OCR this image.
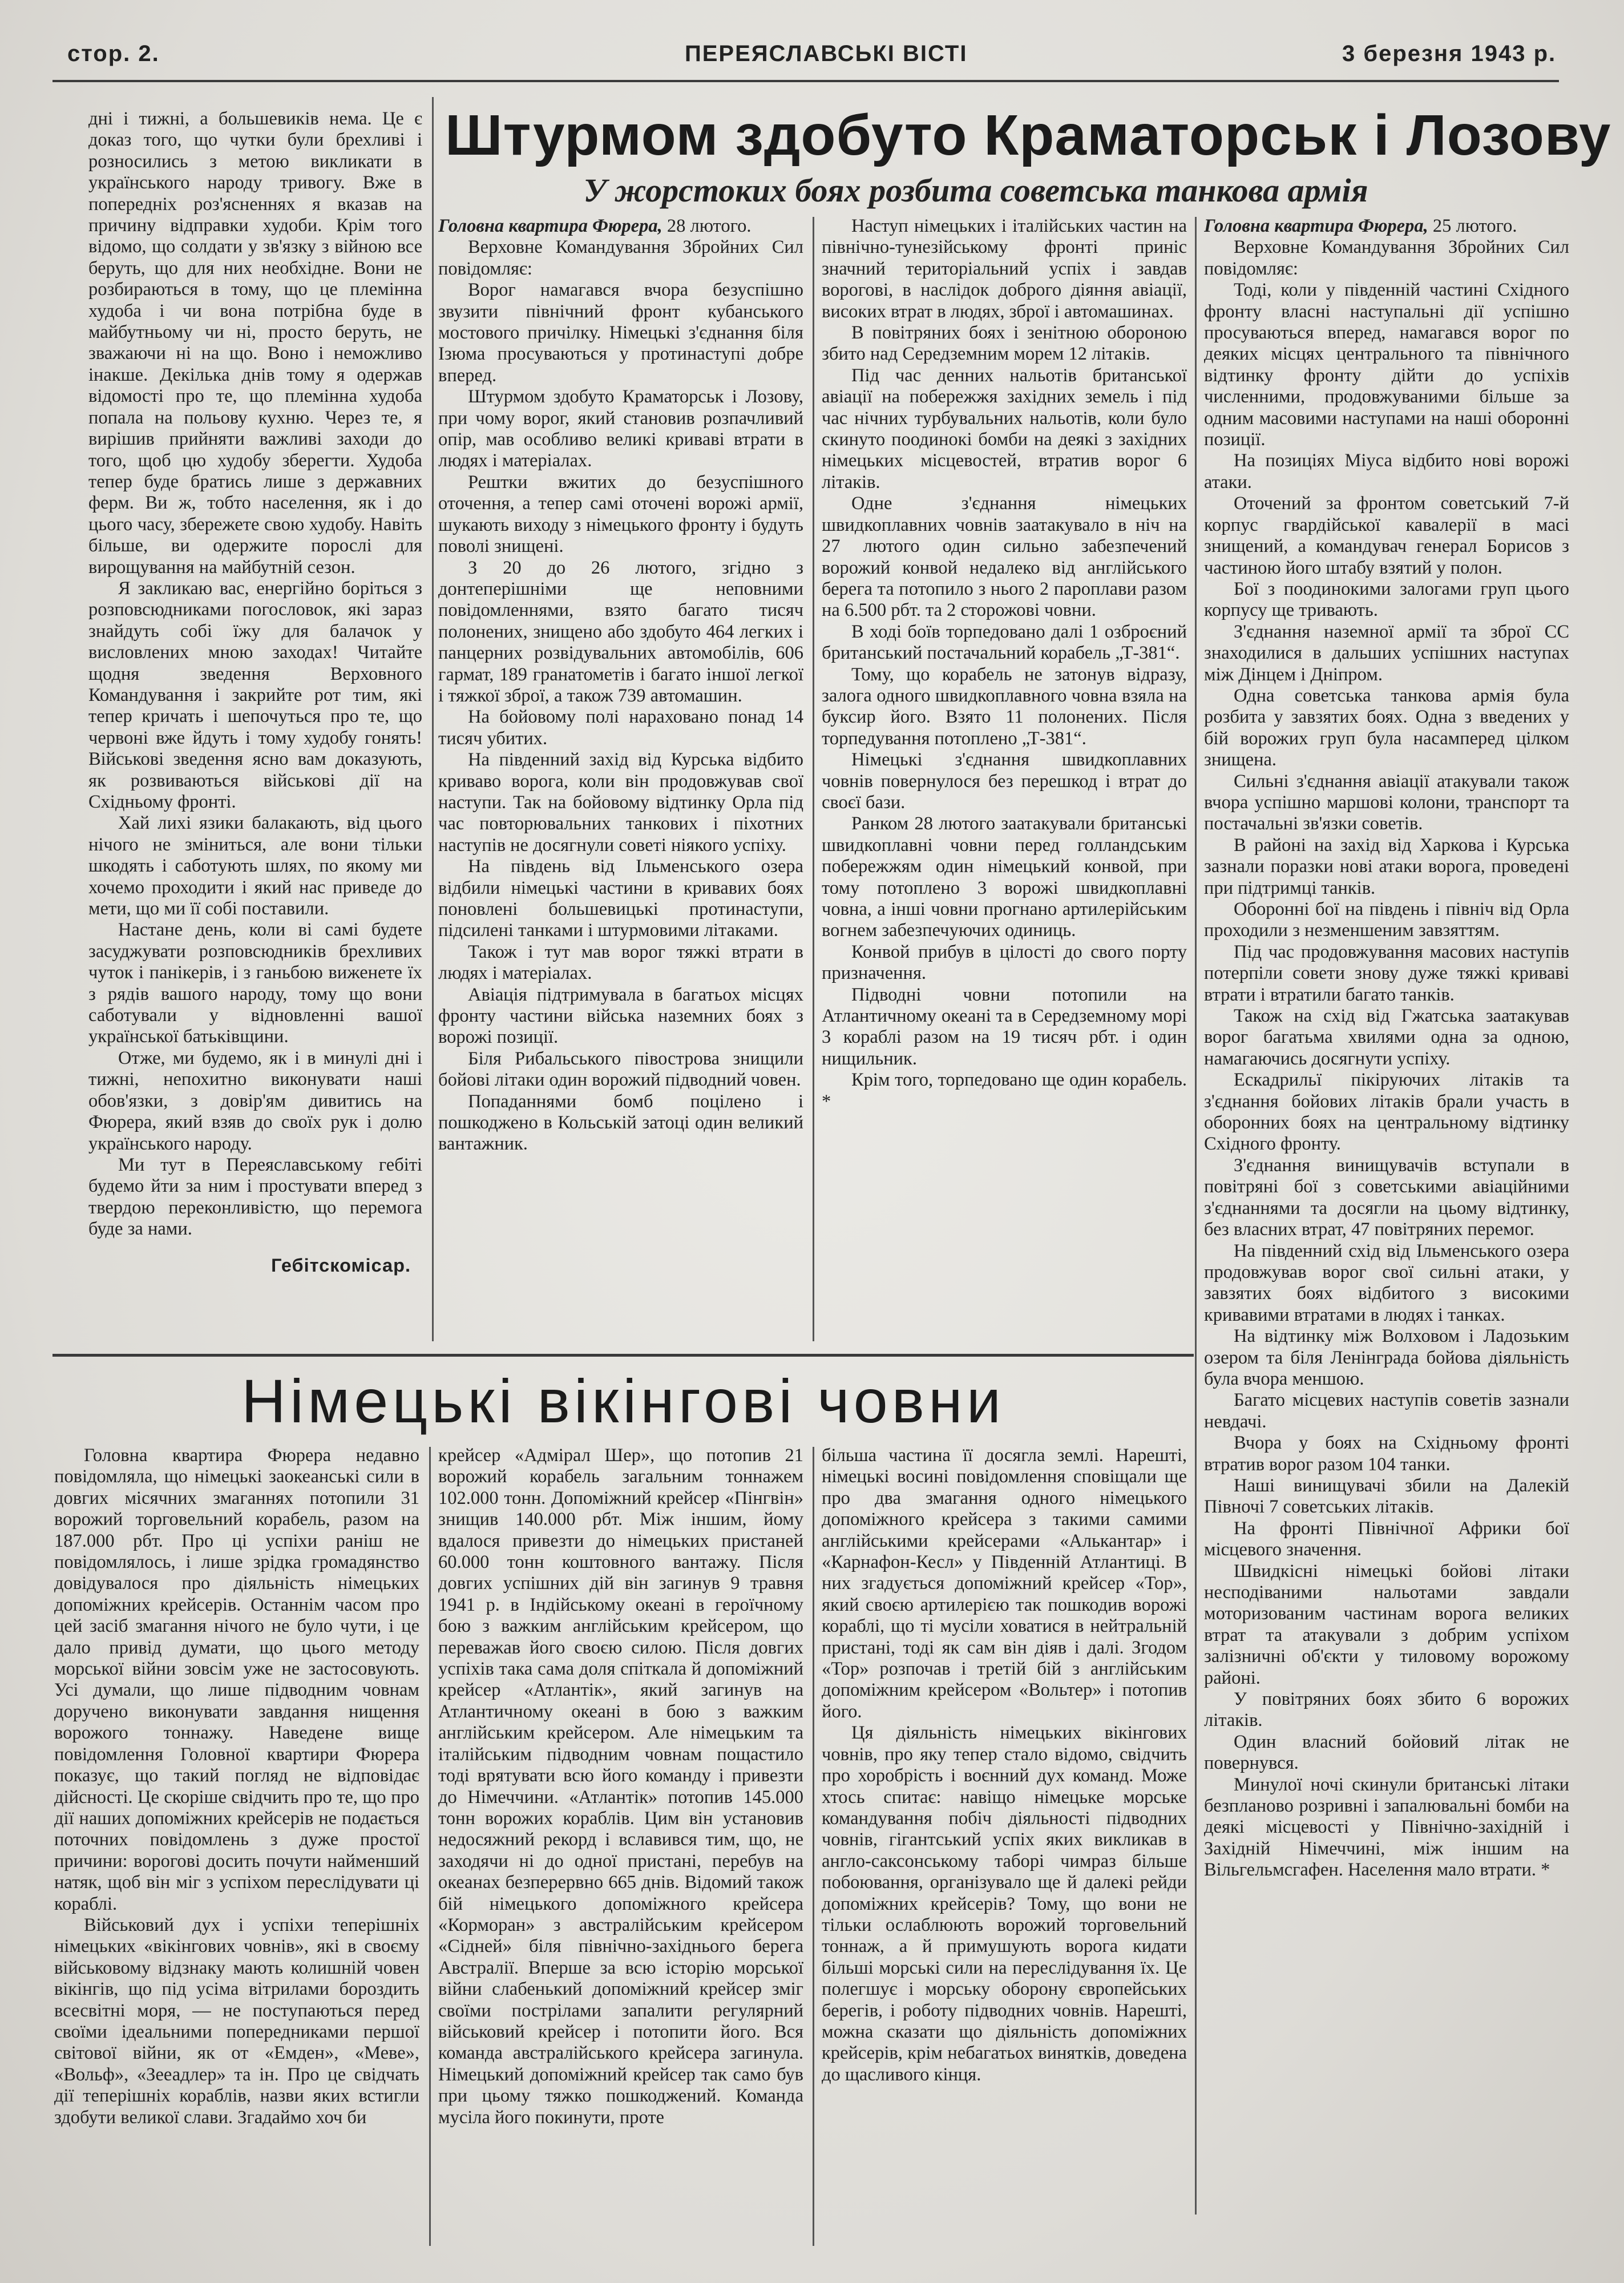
стор. 2.	ПЕРЕЯСЛАВСЬКІ ВІСТІ	3 березня 1943 р.

дні і тижні, а большевиків нема. Це є доказ того, що чутки були брехливі і розносились з метою викликати в українського народу тривогу. Вже в попередніх роз'ясненнях я вказав на причину відправки худоби. Крім того відомо, що солдати у зв'язку з війною все беруть, що для них необхідне. Вони не розбираються в тому, що це племінна худоба і чи вона потрібна буде в майбутньому чи ні, просто беруть, не зважаючи ні на що. Воно і неможливо інакше. Декілька днів тому я одержав відомості про те, що племінна худоба попала на польову кухню. Через те, я вирішив прийняти важливі заходи до того, щоб цю худобу зберегти. Худоба тепер буде братись лише з державних ферм. Ви ж, тобто населення, як і до цього часу, збережете свою худобу. Навіть більше, ви одержите порослі для вирощування на майбутній сезон.

Я закликаю вас, енергійно боріться з розповсюдниками погословок, які зараз знайдуть собі їжу для балачок у висловлених мною заходах! Читайте щодня зведення Верховного Командування і закрийте рот тим, які тепер кричать і шепочуться про те, що червоні вже йдуть і тому худобу гонять! Військові зведення ясно вам доказують, як розвиваються військові дії на Східньому фронті.

Хай лихі язики балакають, від цього нічого не зміниться, але вони тільки шкодять і саботують шлях, по якому ми хочемо проходити і який нас приведе до мети, що ми її собі поставили.

Настане день, коли ві самі будете засуджувати розповсюдників брехливих чуток і панікерів, і з ганьбою виженете їх з рядів вашого народу, тому що вони саботували у відновленні вашої української батьківщини.

Отже, ми будемо, як і в минулі дні і тижні, непохитно виконувати наші обов'язки, з довір'ям дивитись на Фюрера, який взяв до своїх рук і долю українського народу.

Ми тут в Переяславському гебіті будемо йти за ним і простувати вперед з твердою переконливістю, що перемога буде за нами.

Гебітскомісар.
Штурмом здобуто Краматорськ і Лозову
У жорстоких боях розбита советська танкова армія

Головна квартира Фюрера, 28 лютого.

Верховне Командування Збройних Сил повідомляє:

Ворог намагався вчора безуспішно звузити північний фронт кубанського мостового причілку. Німецькі з'єднання біля Ізюма просуваються у протинаступі добре вперед.

Штурмом здобуто Краматорськ і Лозову, при чому ворог, який становив розпачливий опір, мав особливо великі криваві втрати в людях і матеріалах.

Рештки вжитих до безуспішного оточення, а тепер самі оточені ворожі армії, шукають виходу з німецького фронту і будуть поволі знищені.

З 20 до 26 лютого, згідно з донтеперішніми ще неповними повідомленнями, взято багато тисяч полонених, знищено або здобуто 464 легких і панцерних розвідувальних автомобілів, 606 гармат, 189 гранатометів і багато іншої легкої і тяжкої зброї, а також 739 автомашин.

На бойовому полі нараховано понад 14 тисяч убитих.

На південний захід від Курська відбито криваво ворога, коли він продовжував свої наступи. Так на бойовому відтинку Орла під час повторювальних танкових і піхотних наступів не досягнули советі ніякого успіху.

На південь від Ільменського озера відбили німецькі частини в кривавих боях поновлені большевицькі протинаступи, підсилені танками і штурмовими літаками.

Також і тут мав ворог тяжкі втрати в людях і матеріалах.

Авіація підтримувала в багатьох місцях фронту частини війська наземних боях з ворожі позиції.

Біля Рибальського півострова знищили бойові літаки один ворожий підводний човен.

Попаданнями бомб поцілено і пошкоджено в Кольській затоці один великий вантажник.

Наступ німецьких і італійських частин на північно-тунезійському фронті приніс значний територіальний успіх і завдав ворогові, в наслідок доброго діяння авіації, високих втрат в людях, зброї і автомашинах.

В повітряних боях і зенітною обороною збито над Середземним морем 12 літаків.

Під час денних нальотів британської авіації на побережжя західних земель і під час нічних турбувальних нальотів, коли було скинуто поодинокі бомби на деякі з західних німецьких місцевостей, втратив ворог 6 літаків.

Одне з'єднання німецьких швидкоплавних човнів заатакувало в ніч на 27 лютого один сильно забезпечений ворожий конвой недалеко від англійського берега та потопило з нього 2 пароплави разом на 6.500 рбт. та 2 сторожові човни.

В ході боїв торпедовано далі 1 озброєний британський постачальний корабель „Т-381“.

Тому, що корабель не затонув відразу, залога одного швидкоплавного човна взяла на буксир його. Взято 11 полонених. Після торпедування потоплено „Т-381“.

Німецькі з'єднання швидкоплавних човнів повернулося без перешкод і втрат до своєї бази.

Ранком 28 лютого заатакували британські швидкоплавні човни перед голландським побережжям один німецький конвой, при тому потоплено 3 ворожі швидкоплавні човна, а інші човни прогнано артилерійським вогнем забезпечуючих одиниць.

Конвой прибув в цілості до свого порту призначення.

Підводні човни потопили на Атлантичному океані та в Середземному морі 3 кораблі разом на 19 тисяч рбт. і один нищильник.

Крім того, торпедовано ще один корабель. *

Головна квартира Фюрера, 25 лютого.

Верховне Командування Збройних Сил повідомляє:

Тоді, коли у південній частині Східного фронту власні наступальні дії успішно просуваються вперед, намагався ворог по деяких місцях центрального та північного відтинку фронту дійти до успіхів численними, продовжуваними більше за одним масовими наступами на наші оборонні позиції.

На позиціях Міуса відбито нові ворожі атаки.

Оточений за фронтом советський 7-й корпус гвардійської кавалерії в масі знищений, а командувач генерал Борисов з частиною його штабу взятий у полон.

Бої з поодинокими залогами груп цього корпусу ще тривають.

З'єднання наземної армії та зброї СС знаходилися в дальших успішних наступах між Дінцем і Дніпром.

Одна советська танкова армія була розбита у завзятих боях. Одна з введених у бій ворожих груп була насамперед цілком знищена.

Сильні з'єднання авіації атакували також вчора успішно маршові колони, транспорт та постачальні зв'язки советів.

В районі на захід від Харкова і Курська зазнали поразки нові атаки ворога, проведені при підтримці танків.

Оборонні бої на південь і північ від Орла проходили з незменшеним завзяттям.

Під час продовжування масових наступів потерпіли совети знову дуже тяжкі криваві втрати і втратили багато танків.

Також на схід від Гжатська заатакував ворог багатьма хвилями одна за одною, намагаючись досягнути успіху.

Ескадрильї пікіруючих літаків та з'єднання бойових літаків брали участь в оборонних боях на центральному відтинку Східного фронту.

З'єднання винищувачів вступали в повітряні бої з советськими авіаційними з'єднаннями та досягли на цьому відтинку, без власних втрат, 47 повітряних перемог.

На південний схід від Ільменського озера продовжував ворог свої сильні атаки, у завзятих боях відбитого з високими кривавими втратами в людях і танках.

На відтинку між Волховом і Ладозьким озером та біля Ленінграда бойова діяльність була вчора меншою.

Багато місцевих наступів советів зазнали невдачі.

Вчора у боях на Східньому фронті втратив ворог разом 104 танки.

Наші винищувачі збили на Далекій Півночі 7 советських літаків.

На фронті Північної Африки бої місцевого значення.

Швидкісні німецькі бойові літаки несподіваними нальотами завдали моторизованим частинам ворога великих втрат та атакували з добрим успіхом залізничні об'єкти у тиловому ворожому районі.

У повітряних боях збито 6 ворожих літаків.

Один власний бойовий літак не повернувся.

Минулої ночі скинули британські літаки безпланово розривні і запалювальні бомби на деякі місцевості у Північно-західній і Західній Німеччині, між іншим на Вільгельмсгафен. Населення мало втрати. *

Німецькі вікінгові човни

Головна квартира Фюрера недавно повідомляла, що німецькі заокеанські сили в довгих місячних змаганнях потопили 31 ворожий торговельний корабель, разом на 187.000 рбт. Про ці успіхи раніш не повідомлялось, і лише зрідка громадянство довідувалося про діяльність німецьких допоміжних крейсерів. Останнім часом про цей засіб змагання нічого не було чути, і це дало привід думати, що цього методу морської війни зовсім уже не застосовують. Усі думали, що лише підводним човнам доручено виконувати завдання нищення ворожого тоннажу. Наведене вище повідомлення Головної квартири Фюрера показує, що такий погляд не відповідає дійсності. Це скоріше свідчить про те, що про дії наших допоміжних крейсерів не подається поточних повідомлень з дуже простої причини: ворогові досить почути найменший натяк, щоб він міг з успіхом переслідувати ці кораблі.

Військовий дух і успіхи теперішніх німецьких «вікінгових човнів», які в своєму військовому відзнаку мають колишній човен вікінгів, що під усіма вітрилами бороздить всесвітні моря, — не поступаються перед своїми ідеальними попередниками першої світової війни, як от «Емден», «Меве», «Вольф», «Зееадлер» та ін. Про це свідчать дії теперішніх кораблів, назви яких встигли здобути великої слави. Згадаймо хоч би

крейсер «Адмірал Шер», що потопив 21 ворожий корабель загальним тоннажем 102.000 тонн. Допоміжний крейсер «Пінгвін» знищив 140.000 рбт. Між іншим, йому вдалося привезти до німецьких пристаней 60.000 тонн коштовного вантажу. Після довгих успішних дій він загинув 9 травня 1941 р. в Індійському океані в героїчному бою з важким англійським крейсером, що переважав його своєю силою. Після довгих успіхів така сама доля спіткала й допоміжний крейсер «Атлантік», який загинув на Атлантичному океані в бою з важким англійським крейсером. Але німецьким та італійським підводним човнам пощастило тоді врятувати всю його команду і привезти до Німеччини. «Атлантік» потопив 145.000 тонн ворожих кораблів. Цим він установив недосяжний рекорд і вславився тим, що, не заходячи ні до одної пристані, перебув на океанах безперервно 665 днів. Відомий також бій німецького допоміжного крейсера «Корморан» з австралійським крейсером «Сідней» біля північно-західнього берега Австралії. Вперше за всю історію морської війни слабенький допоміжний крейсер зміг своїми пострілами запалити регулярний військовий крейсер і потопити його. Вся команда австралійського крейсера загинула. Німецький допоміжний крейсер так само був при цьому тяжко пошкоджений. Команда мусіла його покинути, проте

більша частина її досягла землі. Нарешті, німецькі восині повідомлення сповіщали ще про два змагання одного німецького допоміжного крейсера з такими самими англійськими крейсерами «Алькантар» і «Карнафон-Кесл» у Південній Атлантиці. В них згадується допоміжний крейсер «Тор», який своєю артилерією так пошкодив ворожі кораблі, що ті мусіли ховатися в нейтральній пристані, тоді як сам він діяв і далі. Згодом «Тор» розпочав і третій бій з англійським допоміжним крейсером «Вольтер» і потопив його.

Ця діяльність німецьких вікінгових човнів, про яку тепер стало відомо, свідчить про хоробрість і воєнний дух команд. Може хтось спитає: навіщо німецьке морське командування побіч діяльності підводних човнів, гігантський успіх яких викликав в англо-саксонському таборі чимраз більше побоювання, організувало ще й далекі рейди допоміжних крейсерів? Тому, що вони не тільки ослаблюють ворожий торговельний тоннаж, а й примушують ворога кидати більші морські сили на переслідування їх. Це полегшує і морську оборону європейських берегів, і роботу підводних човнів. Нарешті, можна сказати що діяльність допоміжних крейсерів, крім небагатьох винятків, доведена до щасливого кінця.
